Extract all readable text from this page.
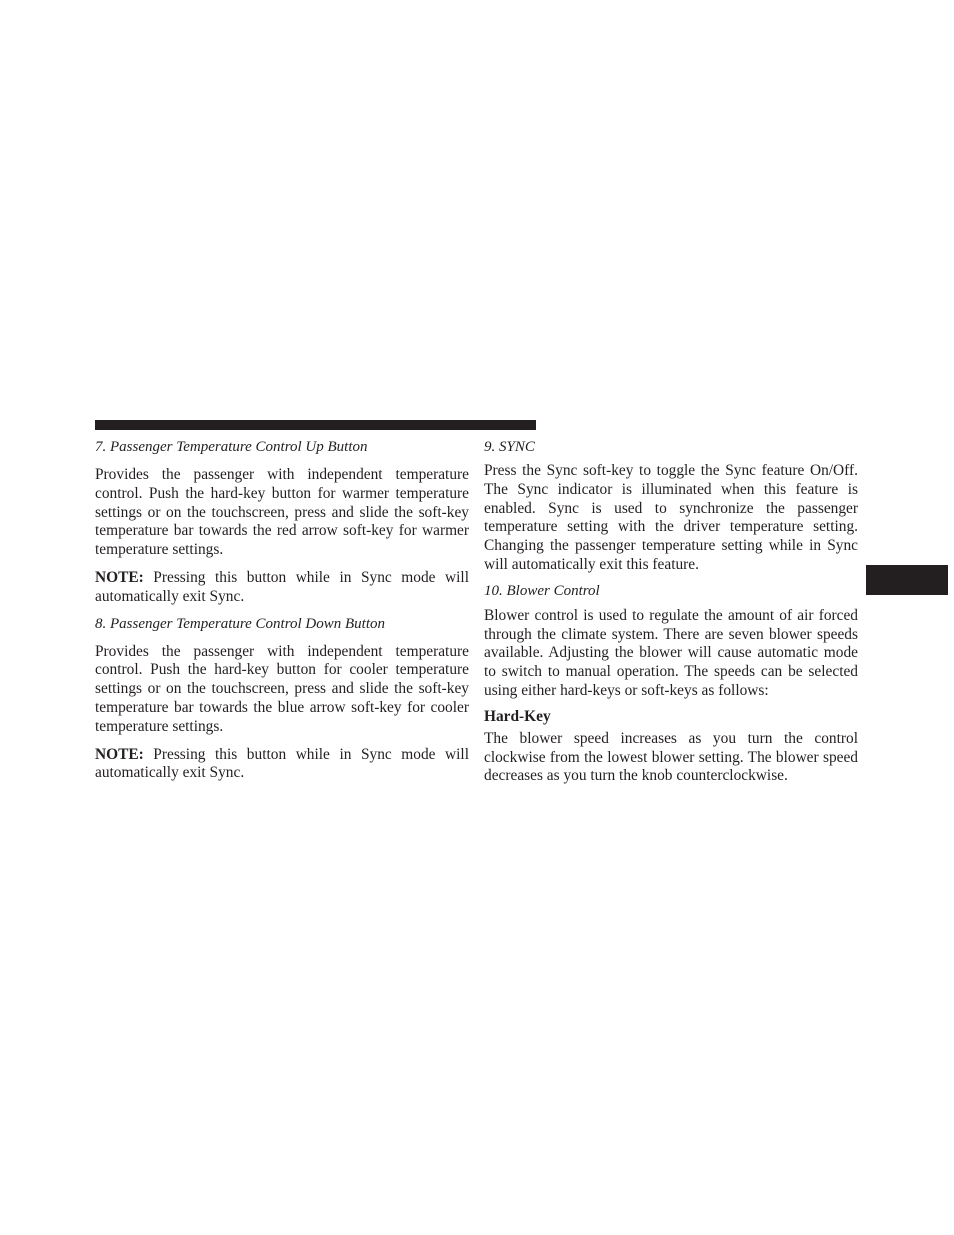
7. Passenger Temperature Control Up Button

Provides the passenger with independent temperature control. Push the hard-key button for warmer temperature settings or on the touchscreen, press and slide the soft-key temperature bar towards the red arrow soft-key for warmer temperature settings.

NOTE: Pressing this button while in Sync mode will automatically exit Sync.

8. Passenger Temperature Control Down Button

Provides the passenger with independent temperature control. Push the hard-key button for cooler temperature settings or on the touchscreen, press and slide the soft-key temperature bar towards the blue arrow soft-key for cooler temperature settings.

NOTE: Pressing this button while in Sync mode will automatically exit Sync.

9. SYNC

Press the Sync soft-key to toggle the Sync feature On/Off. The Sync indicator is illuminated when this feature is enabled. Sync is used to synchronize the passenger temperature setting with the driver temperature setting. Changing the passenger temperature setting while in Sync will automatically exit this feature.

10. Blower Control

Blower control is used to regulate the amount of air forced through the climate system. There are seven blower speeds available. Adjusting the blower will cause automatic mode to switch to manual operation. The speeds can be selected using either hard-keys or soft-keys as follows:

Hard-Key

The blower speed increases as you turn the control clockwise from the lowest blower setting. The blower speed decreases as you turn the knob counterclockwise.
